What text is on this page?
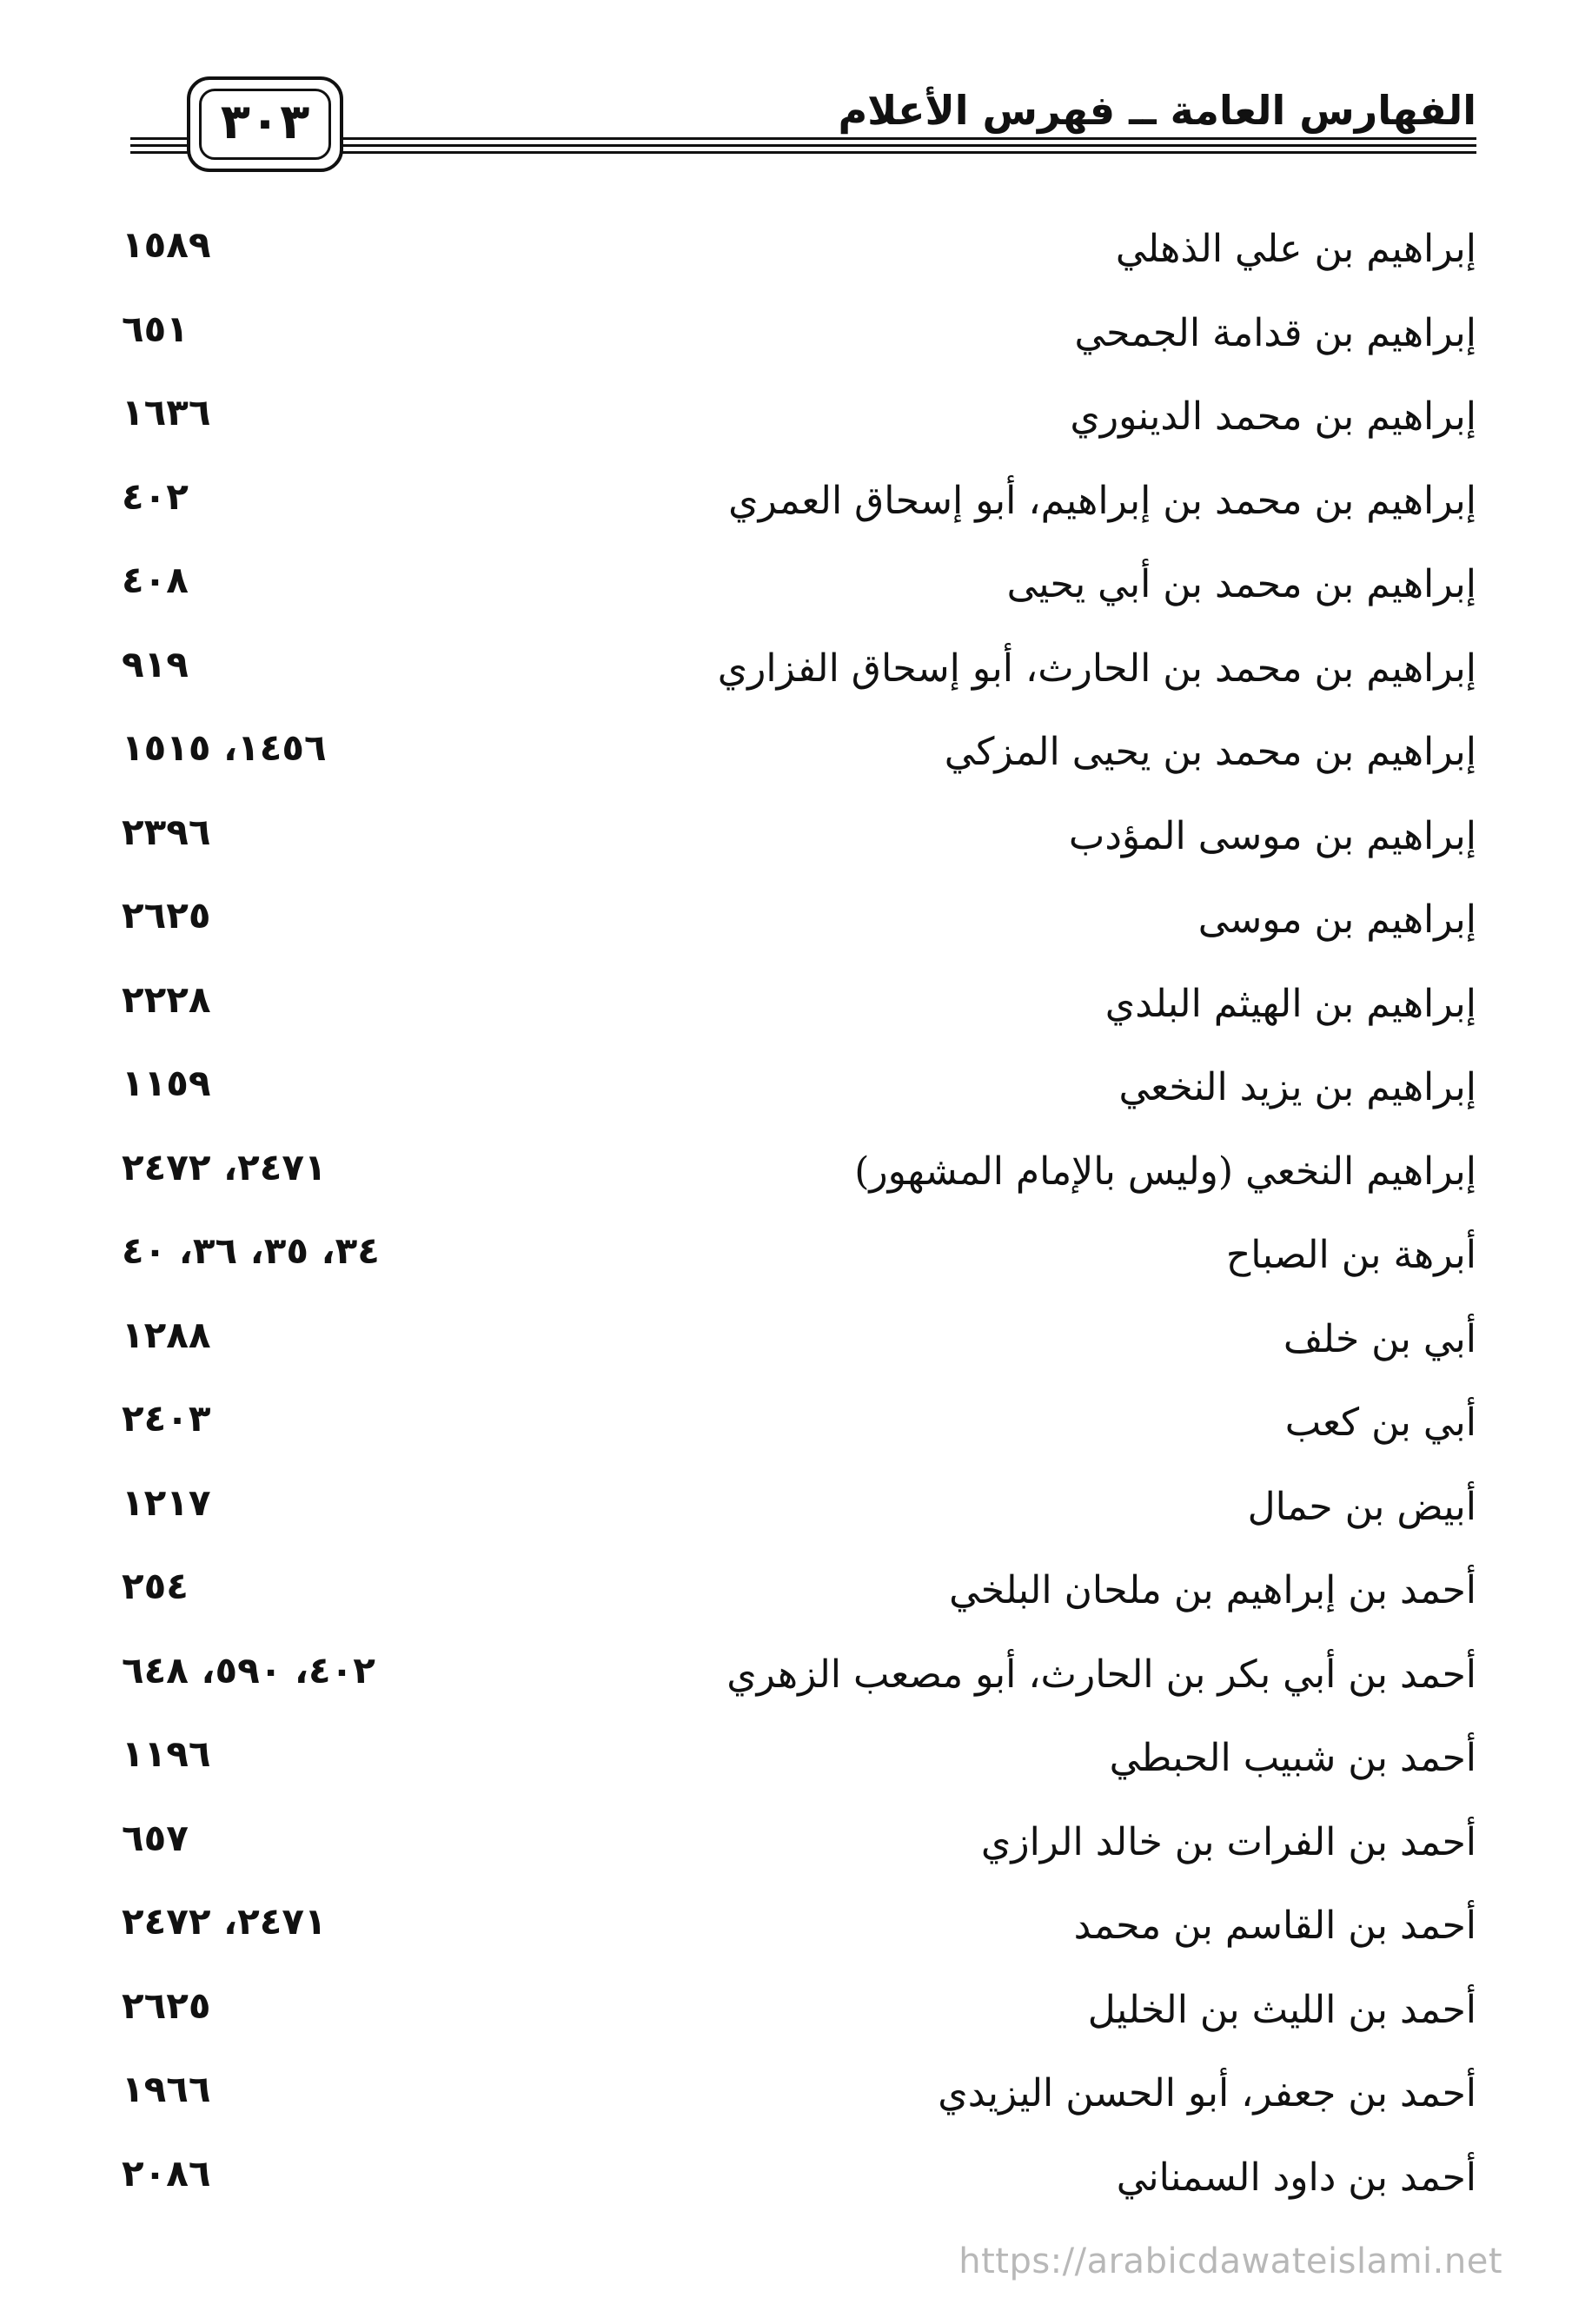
الفهارس العامة ــ فهرس الأعلام
٣٠٣
إبراهيم بن علي الذهلي
١٥٨٩
إبراهيم بن قدامة الجمحي
٦٥١
إبراهيم بن محمد الدينوري
١٦٣٦
إبراهيم بن محمد بن إبراهيم، أبو إسحاق العمري
٤٠٢
إبراهيم بن محمد بن أبي يحيى
٤٠٨
إبراهيم بن محمد بن الحارث، أبو إسحاق الفزاري
٩١٩
إبراهيم بن محمد بن يحيى المزكي
١٤٥٦، ١٥١٥
إبراهيم بن موسى المؤدب
٢٣٩٦
إبراهيم بن موسى
٢٦٢٥
إبراهيم بن الهيثم البلدي
٢٢٢٨
إبراهيم بن يزيد النخعي
١١٥٩
إبراهيم النخعي (وليس بالإمام المشهور)
٢٤٧١، ٢٤٧٢
أبرهة بن الصباح
٣٤، ٣٥، ٣٦، ٤٠
أبي بن خلف
١٢٨٨
أبي بن كعب
٢٤٠٣
أبيض بن حمال
١٢١٧
أحمد بن إبراهيم بن ملحان البلخي
٢٥٤
أحمد بن أبي بكر بن الحارث، أبو مصعب الزهري
٤٠٢، ٥٩٠، ٦٤٨
أحمد بن شبيب الحبطي
١١٩٦
أحمد بن الفرات بن خالد الرازي
٦٥٧
أحمد بن القاسم بن محمد
٢٤٧١، ٢٤٧٢
أحمد بن الليث بن الخليل
٢٦٢٥
أحمد بن جعفر، أبو الحسن اليزيدي
١٩٦٦
أحمد بن داود السمناني
٢٠٨٦
https://arabicdawateislami.net
